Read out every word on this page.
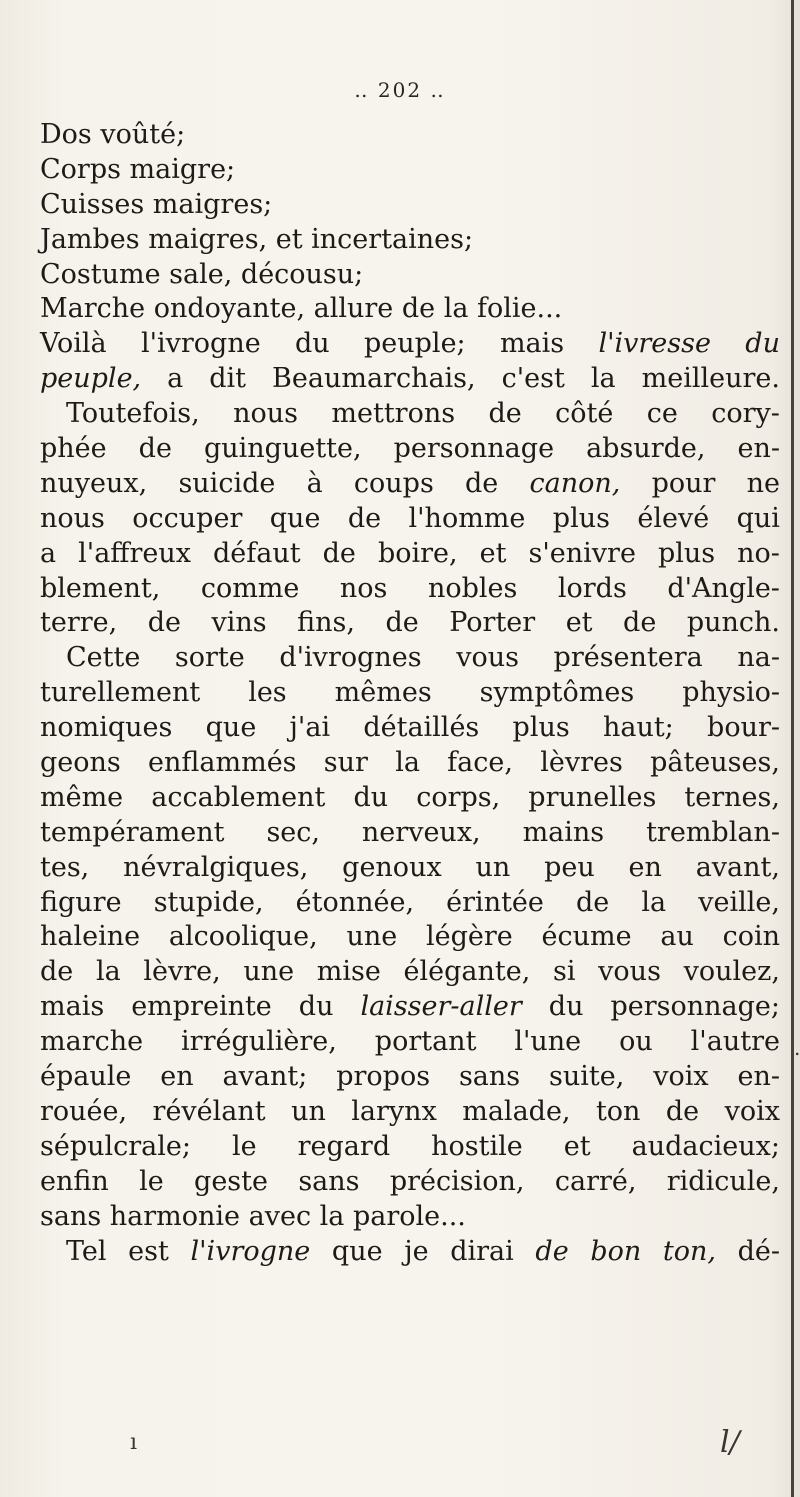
‥ 202 ‥
Dos voûté;
Corps maigre;
Cuisses maigres;
Jambes maigres, et incertaines;
Costume sale, décousu;
Marche ondoyante, allure de la folie...
Voilà l'ivrogne du peuple; mais l'ivresse du
peuple, a dit Beaumarchais, c'est la meilleure.
Toutefois, nous mettrons de côté ce cory-
phée de guinguette, personnage absurde, en-
nuyeux, suicide à coups de canon, pour ne
nous occuper que de l'homme plus élevé qui
a l'affreux défaut de boire, et s'enivre plus no-
blement, comme nos nobles lords d'Angle-
terre, de vins fins, de Porter et de punch.
Cette sorte d'ivrognes vous présentera na-
turellement les mêmes symptômes physio-
nomiques que j'ai détaillés plus haut; bour-
geons enflammés sur la face, lèvres pâteuses,
même accablement du corps, prunelles ternes,
tempérament sec, nerveux, mains tremblan-
tes, névralgiques, genoux un peu en avant,
figure stupide, étonnée, érintée de la veille,
haleine alcoolique, une légère écume au coin
de la lèvre, une mise élégante, si vous voulez,
mais empreinte du laisser-aller du personnage;
marche irrégulière, portant l'une ou l'autre
épaule en avant; propos sans suite, voix en-
rouée, révélant un larynx malade, ton de voix
sépulcrale; le regard hostile et audacieux;
enfin le geste sans précision, carré, ridicule,
sans harmonie avec la parole...
Tel est l'ivrogne que je dirai de bon ton, dé-
.
ı	l/
